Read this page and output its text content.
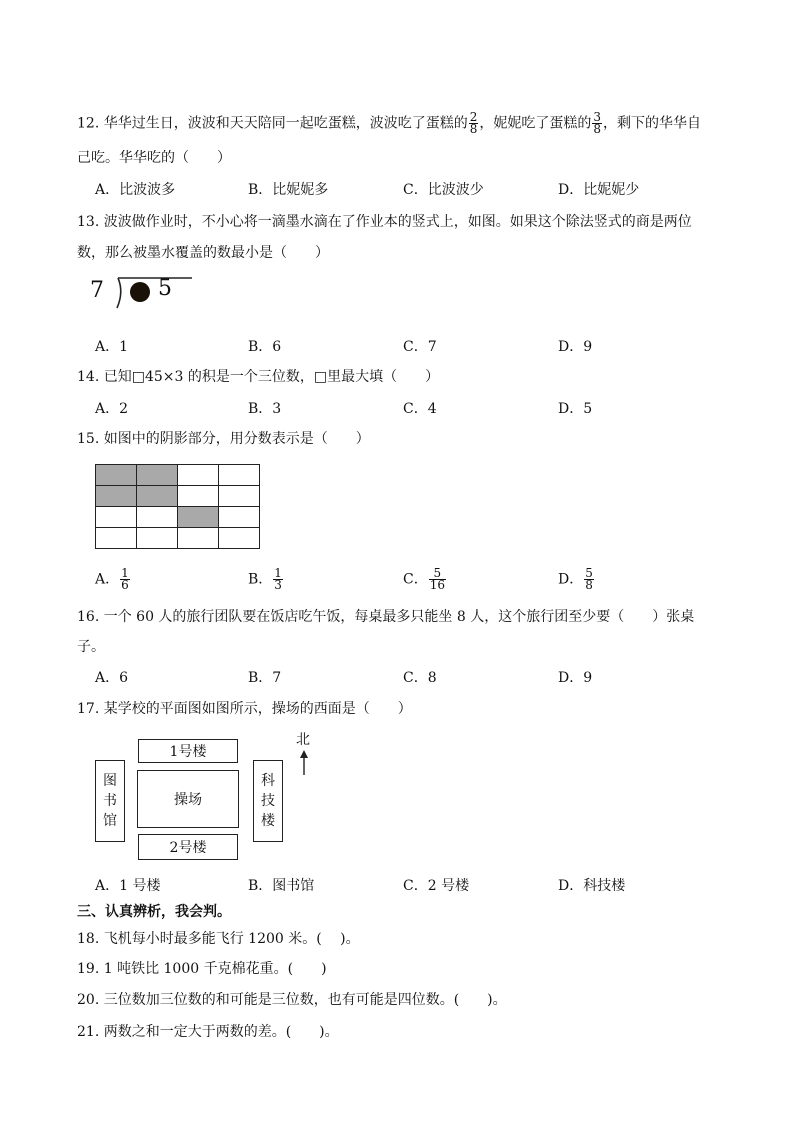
12. 华华过生日，波波和天天陪同一起吃蛋糕，波波吃了蛋糕的 $\frac{2}{8}$ ，妮妮吃了蛋糕的 $\frac{3}{8}$ ，剩下的华华自
己吃。华华吃的（　　）
A．比波波多	B．比妮妮多	C．比波波少	D．比妮妮少
13. 波波做作业时，不小心将一滴墨水滴在了作业本的竖式上，如图。如果这个除法竖式的商是两位
数，那么被墨水覆盖的数最小是（　　）
7 5
A．1	B．6	C．7	D．9
14. 已知□45×3 的积是一个三位数，□里最大填（　　）
A．2	B．3	C．4	D．5
15. 如图中的阴影部分，用分数表示是（　　）

A． $\frac{1}{6}$	B． $\frac{1}{3}$	C． $\frac{5}{16}$	D． $\frac{5}{8}$
16. 一个 60 人的旅行团队要在饭店吃午饭，每桌最多只能坐 8 人，这个旅行团至少要（　　）张桌
子。
A．6	B．7	C．8	D．9
17. 某学校的平面图如图所示，操场的西面是（　　）
1号楼
操场
2号楼
图
书
馆
科
技
楼
北
A．1 号楼	B．图书馆	C．2 号楼	D．科技楼
三、认真辨析，我会判。
18. 飞机每小时最多能飞行 1200 米。(　 )。
19. 1 吨铁比 1000 千克棉花重。(　　)
20. 三位数加三位数的和可能是三位数，也有可能是四位数。(　　)。
21. 两数之和一定大于两数的差。(　　)。
